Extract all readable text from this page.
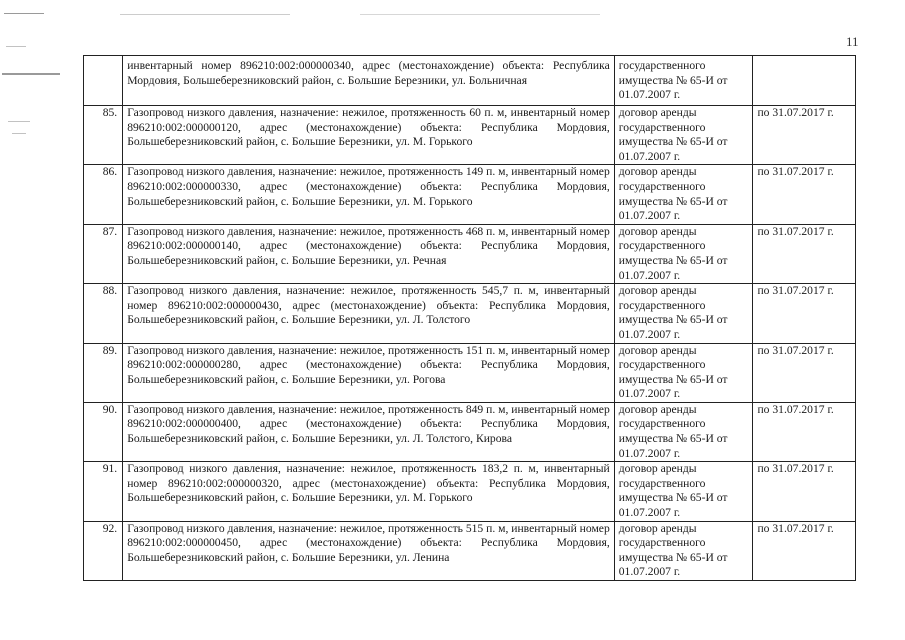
11
	инвентарный номер 896210:002:000000340, адрес (местонахождение) объекта: Республика Мордовия, Большеберезниковский район, с. Большие Березники, ул. Больничная	государственного имущества № 65-И от 01.07.2007 г.	
85.	Газопровод низкого давления, назначение: нежилое, протяженность 60 п. м, инвентарный номер 896210:002:000000120, адрес (местонахождение) объекта: Республика Мордовия, Большеберезниковский район, с. Большие Березники, ул. М. Горького	договор аренды государственного имущества № 65-И от 01.07.2007 г.	по 31.07.2017 г.
86.	Газопровод низкого давления, назначение: нежилое, протяженность 149 п. м, инвентарный номер 896210:002:000000330, адрес (местонахождение) объекта: Республика Мордовия, Большеберезниковский район, с. Большие Березники, ул. М. Горького	договор аренды государственного имущества № 65-И от 01.07.2007 г.	по 31.07.2017 г.
87.	Газопровод низкого давления, назначение: нежилое, протяженность 468 п. м, инвентарный номер 896210:002:000000140, адрес (местонахождение) объекта: Республика Мордовия, Большеберезниковский район, с. Большие Березники, ул. Речная	договор аренды государственного имущества № 65-И от 01.07.2007 г.	по 31.07.2017 г.
88.	Газопровод низкого давления, назначение: нежилое, протяженность 545,7 п. м, инвентарный номер 896210:002:000000430, адрес (местонахождение) объекта: Республика Мордовия, Большеберезниковский район, с. Большие Березники, ул. Л. Толстого	договор аренды государственного имущества № 65-И от 01.07.2007 г.	по 31.07.2017 г.
89.	Газопровод низкого давления, назначение: нежилое, протяженность 151 п. м, инвентарный номер 896210:002:000000280, адрес (местонахождение) объекта: Республика Мордовия, Большеберезниковский район, с. Большие Березники, ул. Рогова	договор аренды государственного имущества № 65-И от 01.07.2007 г.	по 31.07.2017 г.
90.	Газопровод низкого давления, назначение: нежилое, протяженность 849 п. м, инвентарный номер 896210:002:000000400, адрес (местонахождение) объекта: Республика Мордовия, Большеберезниковский район, с. Большие Березники, ул. Л. Толстого, Кирова	договор аренды государственного имущества № 65-И от 01.07.2007 г.	по 31.07.2017 г.
91.	Газопровод низкого давления, назначение: нежилое, протяженность 183,2 п. м, инвентарный номер 896210:002:000000320, адрес (местонахождение) объекта: Республика Мордовия, Большеберезниковский район, с. Большие Березники, ул. М. Горького	договор аренды государственного имущества № 65-И от 01.07.2007 г.	по 31.07.2017 г.
92.	Газопровод низкого давления, назначение: нежилое, протяженность 515 п. м, инвентарный номер 896210:002:000000450, адрес (местонахождение) объекта: Республика Мордовия, Большеберезниковский район, с. Большие Березники, ул. Ленина	договор аренды государственного имущества № 65-И от 01.07.2007 г.	по 31.07.2017 г.
